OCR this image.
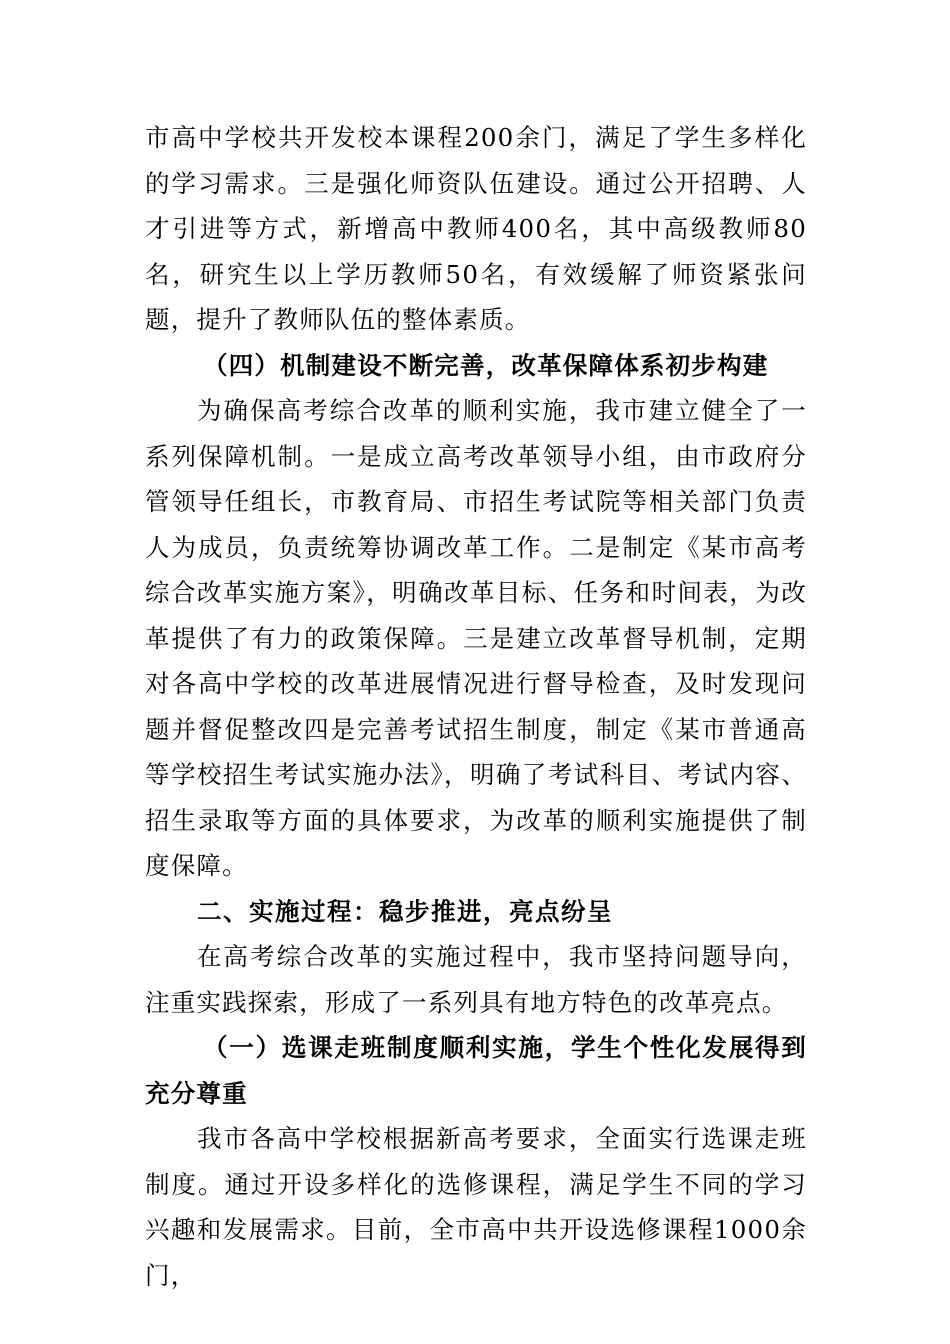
市高中学校共开发校本课程200余门，满足了学生多样化的学习需求。三是强化师资队伍建设。通过公开招聘、人才引进等方式，新增高中教师400名，其中高级教师80名，研究生以上学历教师50名，有效缓解了师资紧张问题，提升了教师队伍的整体素质。

（四）机制建设不断完善，改革保障体系初步构建

为确保高考综合改革的顺利实施，我市建立健全了一系列保障机制。一是成立高考改革领导小组，由市政府分管领导任组长，市教育局、市招生考试院等相关部门负责人为成员，负责统筹协调改革工作。二是制定《某市高考综合改革实施方案》，明确改革目标、任务和时间表，为改革提供了有力的政策保障。三是建立改革督导机制，定期对各高中学校的改革进展情况进行督导检查，及时发现问题并督促整改四是完善考试招生制度，制定《某市普通高等学校招生考试实施办法》，明确了考试科目、考试内容、招生录取等方面的具体要求，为改革的顺利实施提供了制度保障。

二、实施过程：稳步推进，亮点纷呈

在高考综合改革的实施过程中，我市坚持问题导向，注重实践探索，形成了一系列具有地方特色的改革亮点。

（一）选课走班制度顺利实施，学生个性化发展得到充分尊重

我市各高中学校根据新高考要求，全面实行选课走班制度。通过开设多样化的选修课程，满足学生不同的学习兴趣和发展需求。目前，全市高中共开设选修课程1000余门，
